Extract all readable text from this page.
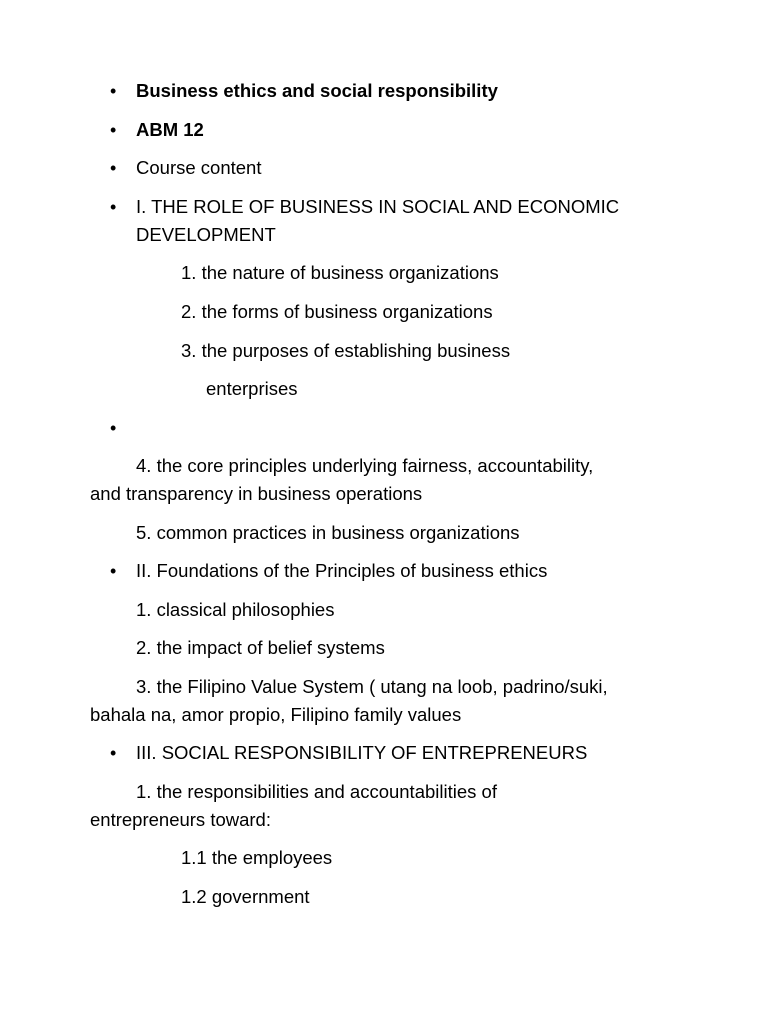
• Business ethics and social responsibility
• ABM 12
• Course content
• I. THE ROLE OF BUSINESS IN SOCIAL AND ECONOMIC
DEVELOPMENT
1. the nature of business organizations
2. the forms of business organizations
3. the purposes of establishing business
enterprises
•
4. the core principles underlying fairness, accountability,
and transparency in business operations
5. common practices in business organizations
• II. Foundations of the Principles of business ethics
1. classical philosophies
2. the impact of belief systems
3. the Filipino Value System ( utang na loob, padrino/suki,
bahala na, amor propio, Filipino family values
• III. SOCIAL RESPONSIBILITY OF ENTREPRENEURS
1. the responsibilities and accountabilities of
entrepreneurs toward:
1.1 the employees
1.2 government
